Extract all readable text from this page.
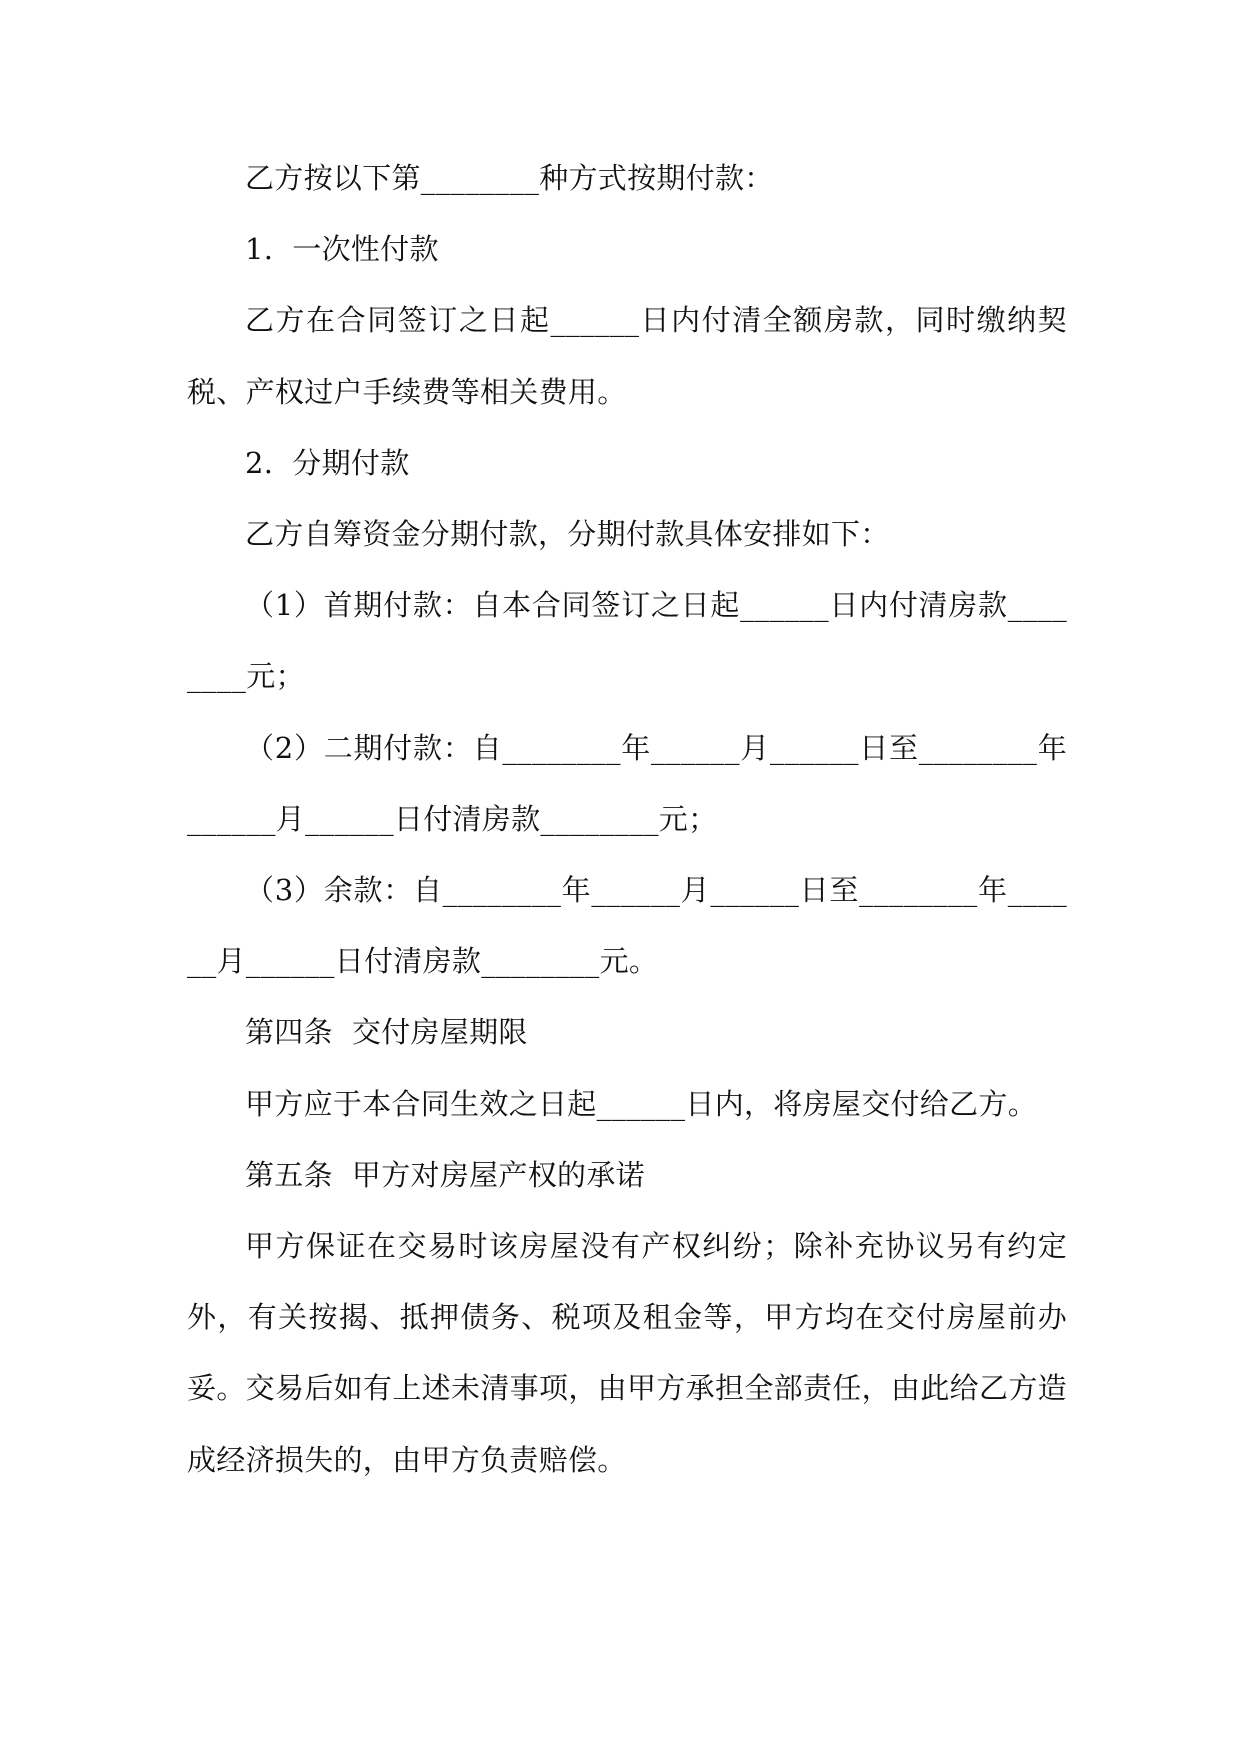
乙方按以下第________种方式按期付款：

1.  一次性付款

乙方在合同签订之日起______日内付清全额房款，同时缴纳契税、产权过户手续费等相关费用。

2.  分期付款

乙方自筹资金分期付款，分期付款具体安排如下：

（1）首期付款：自本合同签订之日起______日内付清房款________元；

（2）二期付款：自________年______月______日至________年______月______日付清房款________元；

（3）余款：自________年______月______日至________年______月______日付清房款________元。

第四条  交付房屋期限

甲方应于本合同生效之日起______日内，将房屋交付给乙方。

第五条  甲方对房屋产权的承诺

甲方保证在交易时该房屋没有产权纠纷；除补充协议另有约定外，有关按揭、抵押债务、税项及租金等，甲方均在交付房屋前办妥。交易后如有上述未清事项，由甲方承担全部责任，由此给乙方造成经济损失的，由甲方负责赔偿。
